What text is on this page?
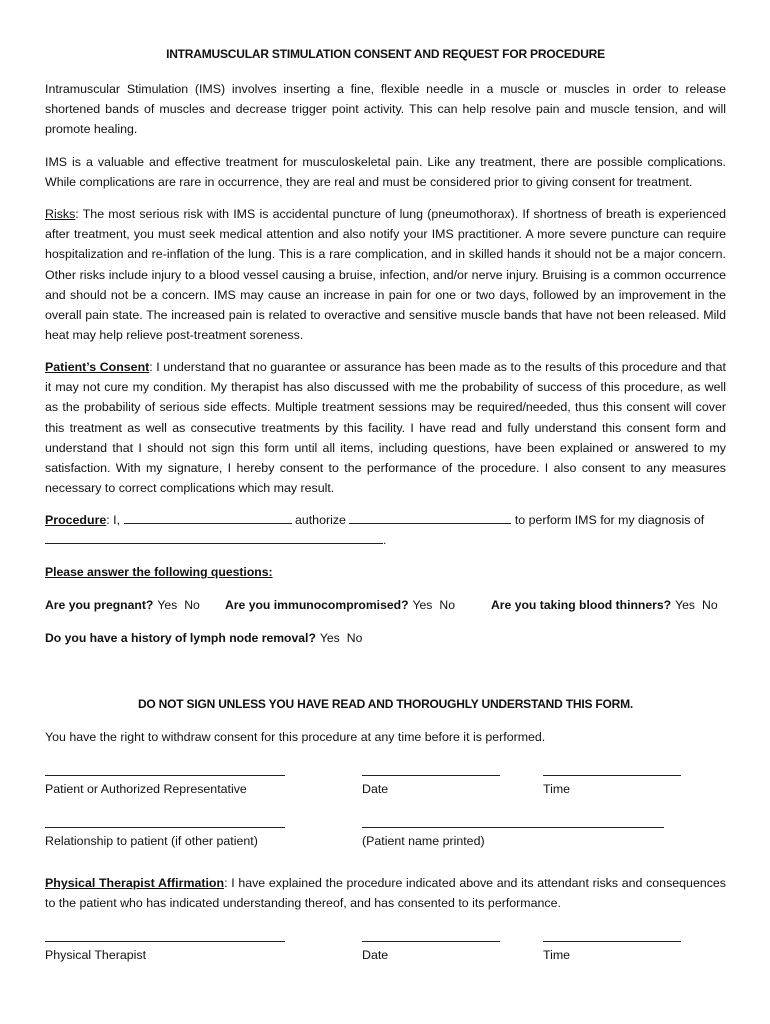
INTRAMUSCULAR STIMULATION CONSENT AND REQUEST FOR PROCEDURE
Intramuscular Stimulation (IMS) involves inserting a fine, flexible needle in a muscle or muscles in order to release shortened bands of muscles and decrease trigger point activity. This can help resolve pain and muscle tension, and will promote healing.
IMS is a valuable and effective treatment for musculoskeletal pain. Like any treatment, there are possible complications. While complications are rare in occurrence, they are real and must be considered prior to giving consent for treatment.
Risks: The most serious risk with IMS is accidental puncture of lung (pneumothorax). If shortness of breath is experienced after treatment, you must seek medical attention and also notify your IMS practitioner. A more severe puncture can require hospitalization and re-inflation of the lung. This is a rare complication, and in skilled hands it should not be a major concern. Other risks include injury to a blood vessel causing a bruise, infection, and/or nerve injury. Bruising is a common occurrence and should not be a concern. IMS may cause an increase in pain for one or two days, followed by an improvement in the overall pain state. The increased pain is related to overactive and sensitive muscle bands that have not been released. Mild heat may help relieve post-treatment soreness.
Patient’s Consent: I understand that no guarantee or assurance has been made as to the results of this procedure and that it may not cure my condition. My therapist has also discussed with me the probability of success of this procedure, as well as the probability of serious side effects. Multiple treatment sessions may be required/needed, thus this consent will cover this treatment as well as consecutive treatments by this facility. I have read and fully understand this consent form and understand that I should not sign this form until all items, including questions, have been explained or answered to my satisfaction. With my signature, I hereby consent to the performance of the procedure. I also consent to any measures necessary to correct complications which may result.
Procedure: I,	authorize	to perform IMS for my diagnosis of
.
Please answer the following questions:
Are you pregnant? Yes No Are you immunocompromised? Yes No	Are you taking blood thinners? Yes No
Do you have a history of lymph node removal? Yes No
DO NOT SIGN UNLESS YOU HAVE READ AND THOROUGHLY UNDERSTAND THIS FORM.
You have the right to withdraw consent for this procedure at any time before it is performed.
Patient or Authorized Representative	Date	Time
Relationship to patient (if other patient)	(Patient name printed)
Physical Therapist Affirmation: I have explained the procedure indicated above and its attendant risks and consequences to the patient who has indicated understanding thereof, and has consented to its performance.
Physical Therapist	Date	Time
